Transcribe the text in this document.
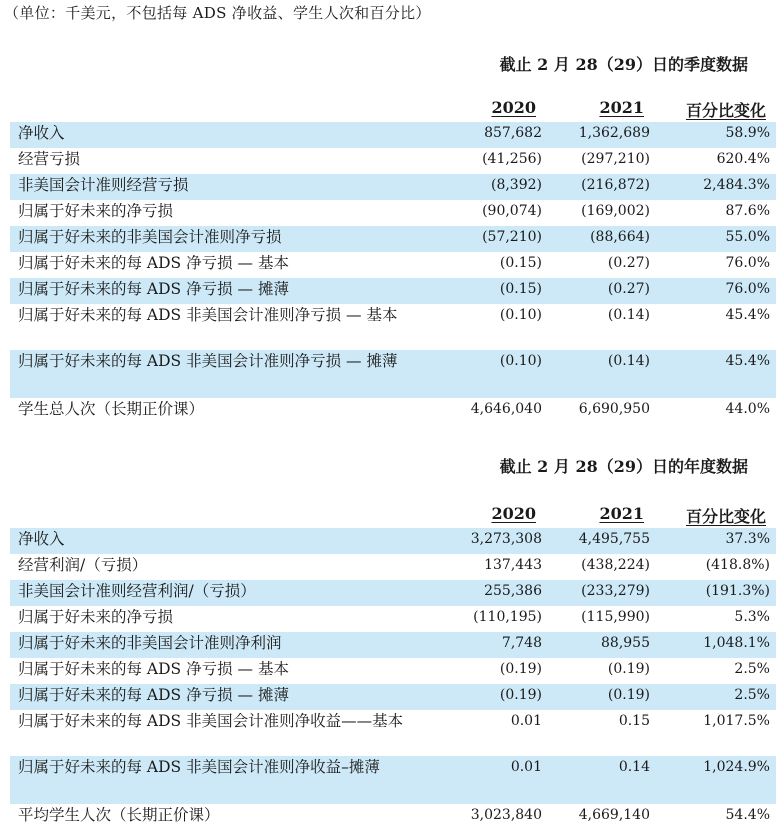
（单位：千美元，不包括每 ADS 净收益、学生人次和百分比）
截止 2 月 28（29）日的季度数据
2020	2021	百分比变化
净收入	857,682	1,362,689	58.9%
经营亏损	(41,256)	(297,210)	620.4%
非美国会计准则经营亏损	(8,392)	(216,872)	2,484.3%
归属于好未来的净亏损	(90,074)	(169,002)	87.6%
归属于好未来的非美国会计准则净亏损	(57,210)	(88,664)	55.0%
归属于好未来的每 ADS 净亏损 — 基本	(0.15)	(0.27)	76.0%
归属于好未来的每 ADS 净亏损 — 摊薄	(0.15)	(0.27)	76.0%
归属于好未来的每 ADS 非美国会计准则净亏损 — 基本	(0.10)	(0.14)	45.4%
归属于好未来的每 ADS 非美国会计准则净亏损 — 摊薄	(0.10)	(0.14)	45.4%
学生总人次（长期正价课）	4,646,040	6,690,950	44.0%
截止 2 月 28（29）日的年度数据
2020	2021	百分比变化
净收入	3,273,308	4,495,755	37.3%
经营利润/（亏损）	137,443	(438,224)	(418.8%)
非美国会计准则经营利润/（亏损）	255,386	(233,279)	(191.3%)
归属于好未来的净亏损	(110,195)	(115,990)	5.3%
归属于好未来的非美国会计准则净利润	7,748	88,955	1,048.1%
归属于好未来的每 ADS 净亏损 — 基本	(0.19)	(0.19)	2.5%
归属于好未来的每 ADS 净亏损 — 摊薄	(0.19)	(0.19)	2.5%
归属于好未来的每 ADS 非美国会计准则净收益——基本	0.01	0.15	1,017.5%
归属于好未来的每 ADS 非美国会计准则净收益–摊薄	0.01	0.14	1,024.9%
平均学生人次（长期正价课）	3,023,840	4,669,140	54.4%
